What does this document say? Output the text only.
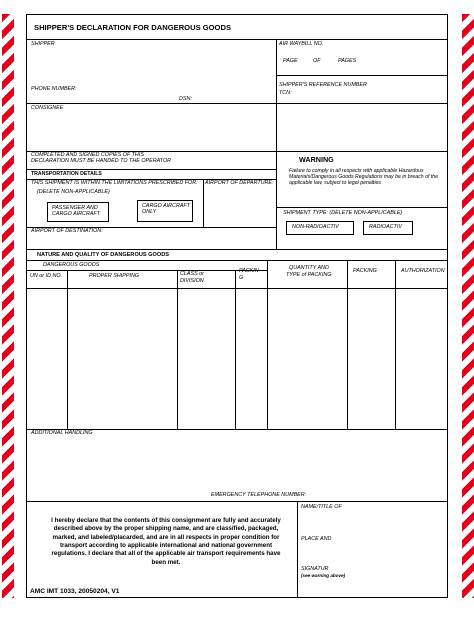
SHIPPER'S DECLARATION FOR DANGEROUS GOODS
SHIPPER
PHONE NUMBER:
DSN:
AIR WAYBILL NO.
PAGE	OF	PAGES
SHIPPER'S REFERENCE NUMBER
TCN:
CONSIGNEE
COMPLETED AND SIGNED COPIES OF THIS
DECLARATION MUST BE HANDED TO THE OPERATOR	WARNING
Failure to comply in all respects with applicable Hazardous Materials/Dangerous Goods Regulations may be in breach of the applicable law, subject to legal penalties
TRANSPORTATION DETAILS
THIS SHIPMENT IS WITHIN THE LIMITATIONS PRESCRIBED FOR:
(DELETE NON-APPLICABLE)
AIRPORT OF DEPARTURE:
PASSENGER AND
CARGO AIRCRAFT
CARGO AIRCRAFT
ONLY
AIRPORT OF DESTINATION:
SHIPMENT TYPE: (DELETE NON-APPLICABLE)
NON-RADIOACTIV	RADIOACTIV
NATURE AND QUALITY OF DANGEROUS GOODS
DANGEROUS GOODS
UN or ID NO.	PROPER SHIPPING	CLASS or
DIVISION
PACKIN
G
QUANTITY AND
TYPE of PACKING
PACKING	AUTHORIZATION
ADDITIONAL HANDLING
EMERGENCY TELEPHONE NUMBER:
I hereby declare that the contents of this consignment are fully and accurately described above by the proper shipping name, and are classified, packaged, marked, and labeled/placarded, and are in all respects in proper condition for transport according to applicable international and national government regulations. I declare that all of the applicable air transport requirements have been met.
NAME/TITLE OF
PLACE AND
SIGNATUR
(see warning above)
AMC IMT 1033, 20050204, V1
